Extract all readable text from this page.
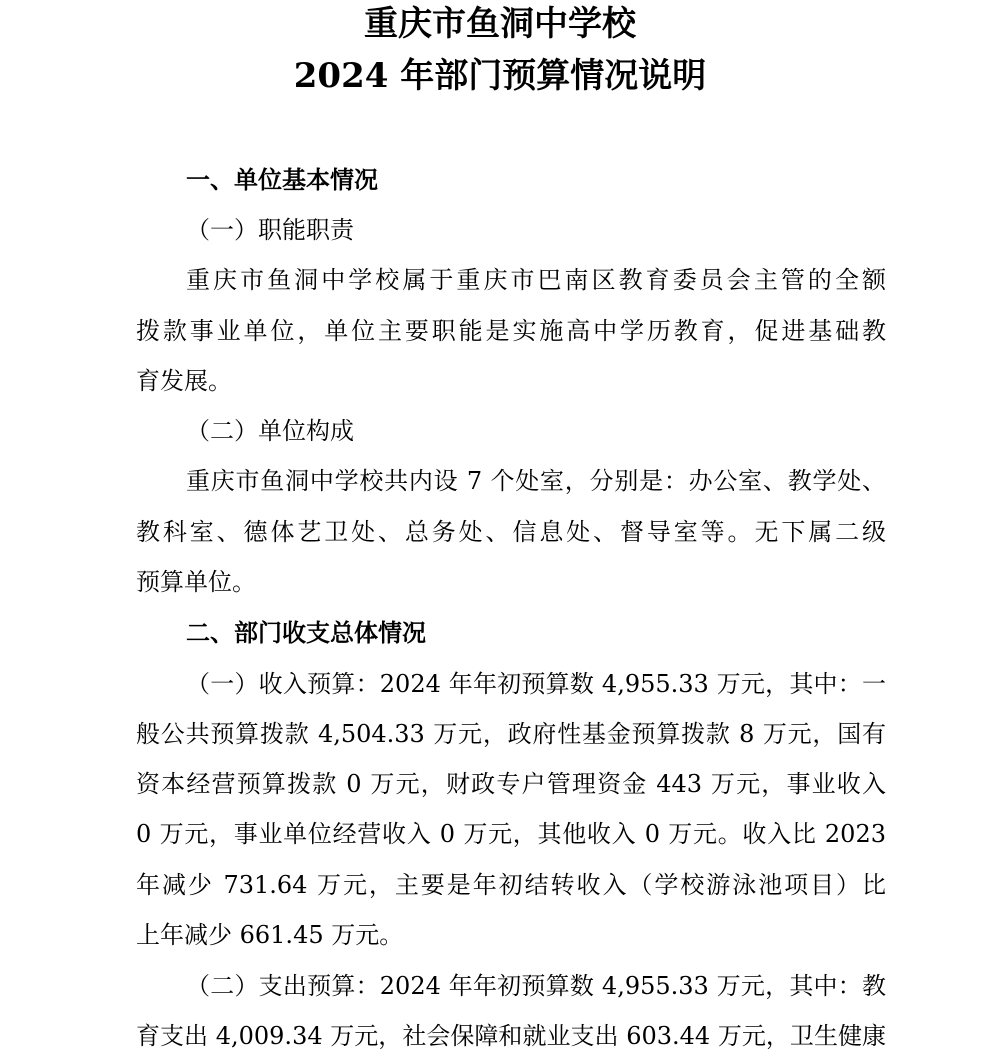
重庆市鱼洞中学校
2024 年部门预算情况说明
一、单位基本情况
（一）职能职责
重庆市鱼洞中学校属于重庆市巴南区教育委员会主管的全额
拨款事业单位，单位主要职能是实施高中学历教育，促进基础教
育发展。
（二）单位构成
重庆市鱼洞中学校共内设 7 个处室，分别是：办公室、教学处、
教科室、德体艺卫处、总务处、信息处、督导室等。无下属二级
预算单位。
二、部门收支总体情况
（一）收入预算：2024 年年初预算数 4,955.33 万元，其中：一
般公共预算拨款 4,504.33 万元，政府性基金预算拨款 8 万元，国有
资本经营预算拨款 0 万元，财政专户管理资金 443 万元，事业收入
0 万元，事业单位经营收入 0 万元，其他收入 0 万元。收入比 2023
年减少 731.64 万元，主要是年初结转收入（学校游泳池项目）比
上年减少 661.45 万元。
（二）支出预算：2024 年年初预算数 4,955.33 万元，其中：教
育支出 4,009.34 万元，社会保障和就业支出 603.44 万元，卫生健康
